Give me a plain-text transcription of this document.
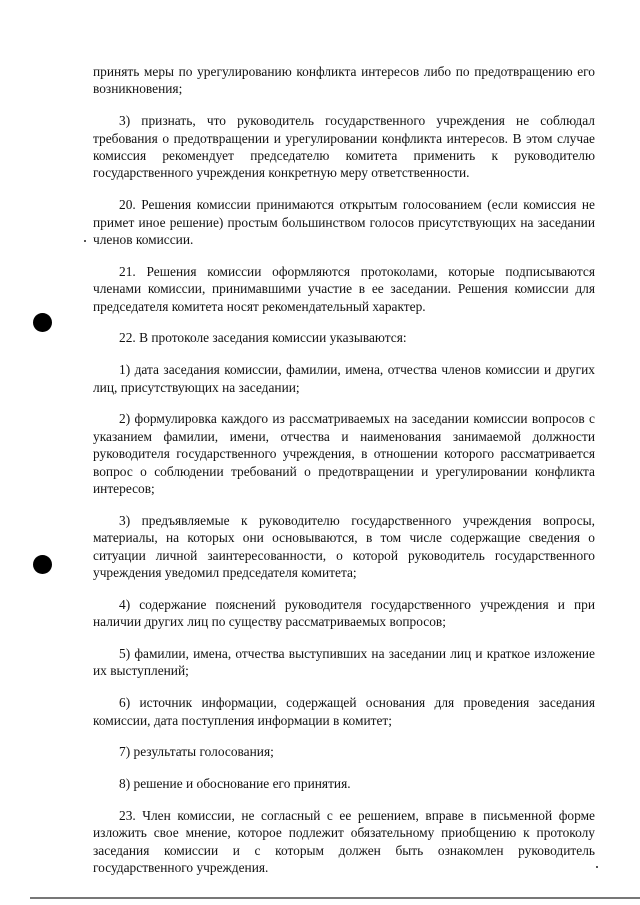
принять меры по урегулированию конфликта интересов либо по предотвращению его возникновения;

3) признать, что руководитель государственного учреждения не соблюдал требования о предотвращении и урегулировании конфликта интересов. В этом случае комиссия рекомендует председателю комитета применить к руководителю государственного учреждения конкретную меру ответственности.

20. Решения комиссии принимаются открытым голосованием (если комиссия не примет иное решение) простым большинством голосов присутствующих на заседании членов комиссии.

21. Решения комиссии оформляются протоколами, которые подписываются членами комиссии, принимавшими участие в ее заседании. Решения комиссии для председателя комитета носят рекомендательный характер.

22. В протоколе заседания комиссии указываются:

1) дата заседания комиссии, фамилии, имена, отчества членов комиссии и других лиц, присутствующих на заседании;

2) формулировка каждого из рассматриваемых на заседании комиссии вопросов с указанием фамилии, имени, отчества и наименования занимаемой должности руководителя государственного учреждения, в отношении которого рассматривается вопрос о соблюдении требований о предотвращении и урегулировании конфликта интересов;

3) предъявляемые к руководителю государственного учреждения вопросы, материалы, на которых они основываются, в том числе содержащие сведения о ситуации личной заинтересованности, о которой руководитель государственного учреждения уведомил председателя комитета;

4) содержание пояснений руководителя государственного учреждения и при наличии других лиц по существу рассматриваемых вопросов;

5) фамилии, имена, отчества выступивших на заседании лиц и краткое изложение их выступлений;

6) источник информации, содержащей основания для проведения заседания комиссии, дата поступления информации в комитет;

7) результаты голосования;

8) решение и обоснование его принятия.

23. Член комиссии, не согласный с ее решением, вправе в письменной форме изложить свое мнение, которое подлежит обязательному приобщению к протоколу заседания комиссии и с которым должен быть ознакомлен руководитель государственного учреждения.
